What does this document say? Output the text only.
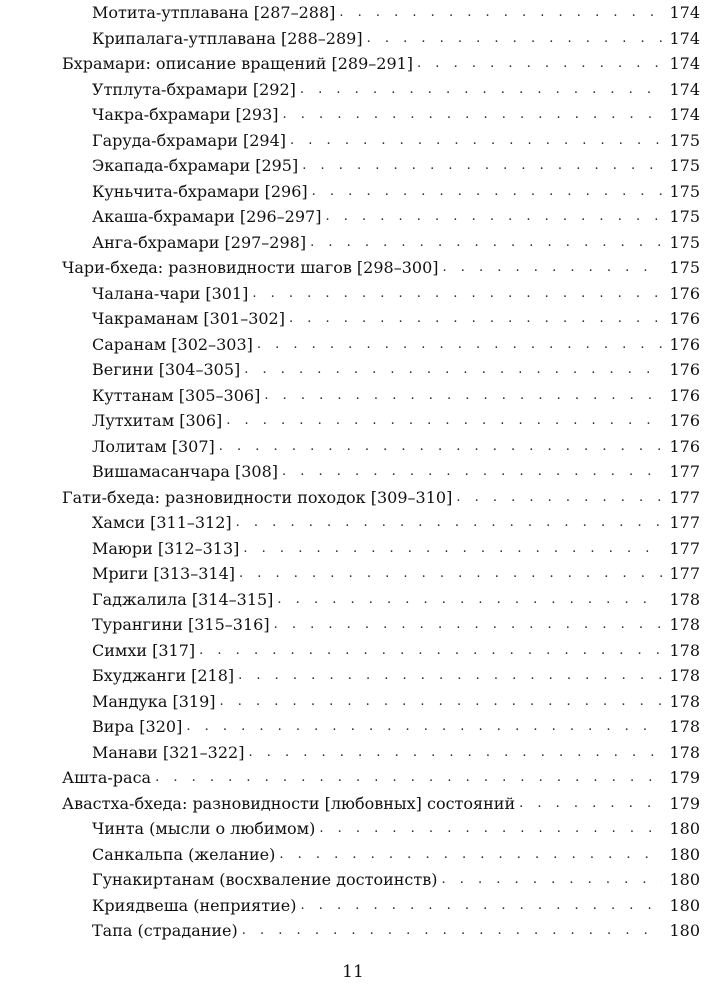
Мотита-утплавана [287–288] . . .	174
Крипалага-утплавана [288–289] . . .	174
Бхрамари: описание вращений [289–291] . . .	174
Утплута-бхрамари [292] . . .	174
Чакра-бхрамари [293] . . .	174
Гаруда-бхрамари [294] . . .	175
Экапада-бхрамари [295] . . .	175
Куньчита-бхрамари [296] . . .	175
Акаша-бхрамари [296–297] . . .	175
Анга-бхрамари [297–298] . . .	175
Чари-бхеда: разновидности шагов [298–300] . . .	175
Чалана-чари [301] . . .	176
Чакраманам [301–302] . . .	176
Саранам [302–303] . . .	176
Вегини [304–305] . . .	176
Куттанам [305–306] . . .	176
Лутхитам [306] . . .	176
Лолитам [307] . . .	176
Вишамасанчара [308] . . .	177
Гати-бхеда: разновидности походок [309–310] . . .	177
Хамси [311–312] . . .	177
Маюри [312–313] . . .	177
Мриги [313–314] . . .	177
Гаджалила [314–315] . . .	178
Турангини [315–316] . . .	178
Симхи [317] . . .	178
Бхуджанги [218] . . .	178
Мандука [319] . . .	178
Вира [320] . . .	178
Манави [321–322] . . .	178
Ашта-раса . . .	179
Авастха-бхеда: разновидности [любовных] состояний . . .	179
Чинта (мысли о любимом) . . .	180
Санкальпа (желание) . . .	180
Гунакиртанам (восхваление достоинств) . . .	180
Криядвеша (неприятие) . . .	180
Тапа (страдание) . . .	180
11
